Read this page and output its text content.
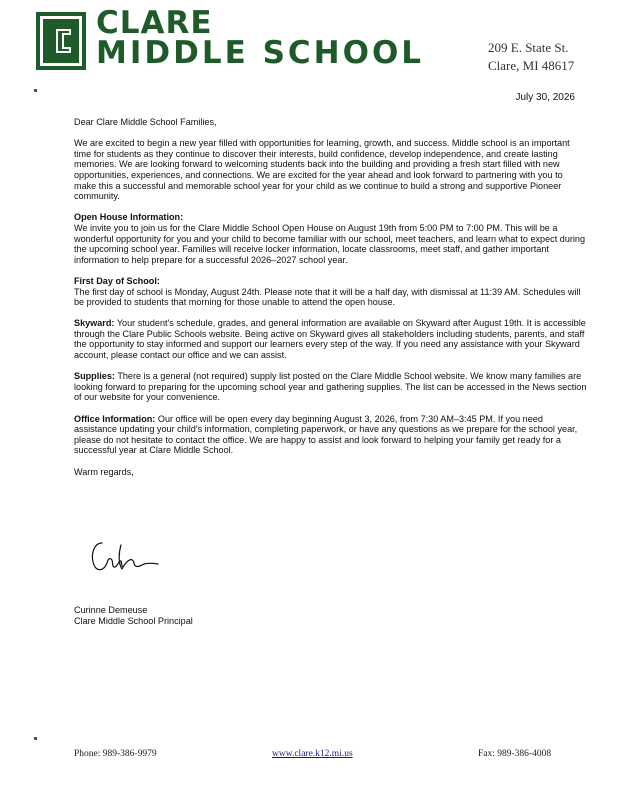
CLARE
MIDDLE SCHOOL	209 E. State St.
Clare, MI 48617
July 30, 2026

Dear Clare Middle School Families,

We are excited to begin a new year filled with opportunities for learning, growth, and success. Middle school is an important time for students as they continue to discover their interests, build confidence, develop independence, and create lasting memories. We are looking forward to welcoming students back into the building and providing a fresh start filled with new opportunities, experiences, and connections. We are excited for the year ahead and look forward to partnering with you to make this a successful and memorable school year for your child as we continue to build a strong and supportive Pioneer community.

Open House Information:
We invite you to join us for the Clare Middle School Open House on August 19th from 5:00 PM to 7:00 PM. This will be a wonderful opportunity for you and your child to become familiar with our school, meet teachers, and learn what to expect during the upcoming school year. Families will receive locker information, locate classrooms, meet staff, and gather important information to help prepare for a successful 2026–2027 school year.

First Day of School:
The first day of school is Monday, August 24th. Please note that it will be a half day, with dismissal at 11:39 AM. Schedules will be provided to students that morning for those unable to attend the open house.

Skyward: Your student's schedule, grades, and general information are available on Skyward after August 19th. It is accessible through the Clare Public Schools website. Being active on Skyward gives all stakeholders including students, parents, and staff the opportunity to stay informed and support our learners every step of the way. If you need any assistance with your Skyward account, please contact our office and we can assist.

Supplies: There is a general (not required) supply list posted on the Clare Middle School website. We know many families are looking forward to preparing for the upcoming school year and gathering supplies. The list can be accessed in the News section of our website for your convenience.

Office Information: Our office will be open every day beginning August 3, 2026, from 7:30 AM–3:45 PM. If you need assistance updating your child's information, completing paperwork, or have any questions as we prepare for the school year, please do not hesitate to contact the office. We are happy to assist and look forward to helping your family get ready for a successful year at Clare Middle School.

Warm regards,

Curinne Demeuse
Clare Middle School Principal
Phone: 989-386-9979	www.clare.k12.mi.us	Fax: 989-386-4008
